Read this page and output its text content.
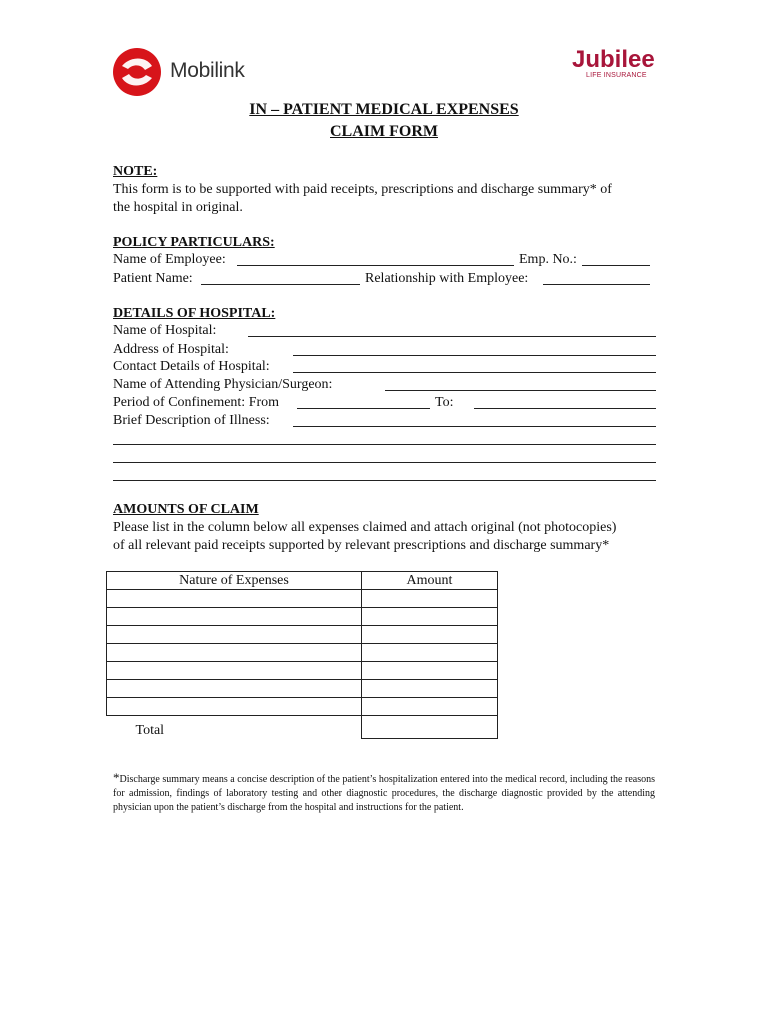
Mobilink	Jubilee
LIFE INSURANCE
IN – PATIENT MEDICAL EXPENSES
CLAIM FORM
NOTE:
This form is to be supported with paid receipts, prescriptions and discharge summary* of
the hospital in original.
POLICY PARTICULARS:
Name of Employee:	Emp. No.:
Patient Name:	Relationship with Employee:
DETAILS OF HOSPITAL:
Name of Hospital:
Address of Hospital:
Contact Details of Hospital:
Name of Attending Physician/Surgeon:
Period of Confinement: From	To:
Brief Description of Illness:
AMOUNTS OF CLAIM
Please list in the column below all expenses claimed and attach original (not photocopies)
of all relevant paid receipts supported by relevant prescriptions and discharge summary*
Nature of Expenses	Amount

Total	
*Discharge summary means a concise description of the patient’s hospitalization entered into the medical record, including the reasons for admission, findings of laboratory testing and other diagnostic procedures, the discharge diagnostic provided by the attending physician upon the patient’s discharge from the hospital and instructions for the patient.
